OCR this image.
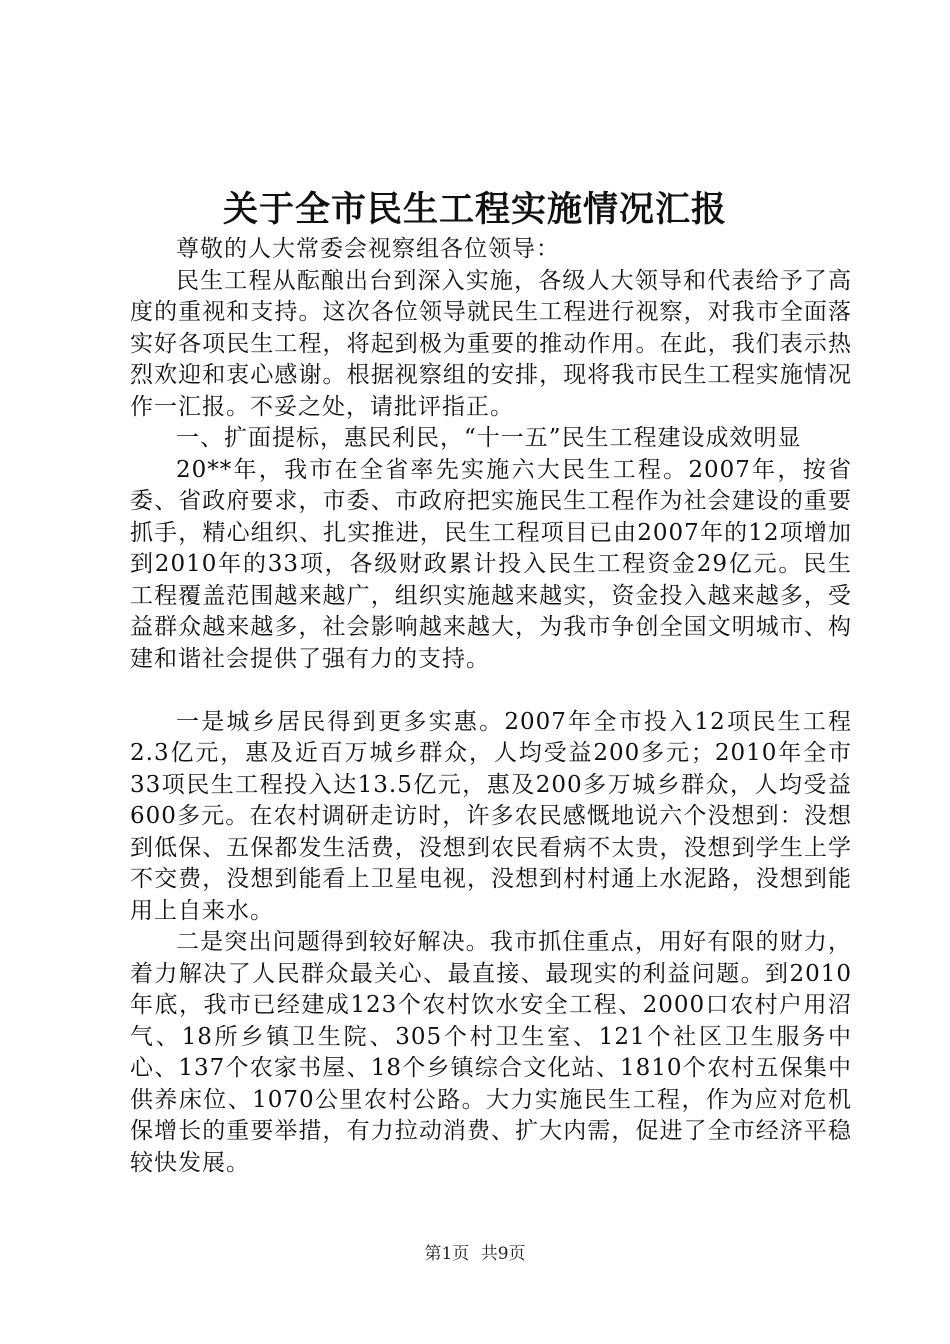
关于全市民生工程实施情况汇报

尊敬的人大常委会视察组各位领导：

民生工程从酝酿出台到深入实施，各级人大领导和代表给予了高度的重视和支持。这次各位领导就民生工程进行视察，对我市全面落实好各项民生工程，将起到极为重要的推动作用。在此，我们表示热烈欢迎和衷心感谢。根据视察组的安排，现将我市民生工程实施情况作一汇报。不妥之处，请批评指正。

一、扩面提标，惠民利民，“十一五”民生工程建设成效明显

20**年，我市在全省率先实施六大民生工程。2007年，按省委、省政府要求，市委、市政府把实施民生工程作为社会建设的重要抓手，精心组织、扎实推进，民生工程项目已由2007年的12项增加到2010年的33项，各级财政累计投入民生工程资金29亿元。民生工程覆盖范围越来越广，组织实施越来越实，资金投入越来越多，受益群众越来越多，社会影响越来越大，为我市争创全国文明城市、构建和谐社会提供了强有力的支持。

一是城乡居民得到更多实惠。2007年全市投入12项民生工程2.3亿元，惠及近百万城乡群众，人均受益200多元；2010年全市33项民生工程投入达13.5亿元，惠及200多万城乡群众，人均受益600多元。在农村调研走访时，许多农民感慨地说六个没想到：没想到低保、五保都发生活费，没想到农民看病不太贵，没想到学生上学不交费，没想到能看上卫星电视，没想到村村通上水泥路，没想到能用上自来水。

二是突出问题得到较好解决。我市抓住重点，用好有限的财力，着力解决了人民群众最关心、最直接、最现实的利益问题。到2010年底，我市已经建成123个农村饮水安全工程、2000口农村户用沼气、18所乡镇卫生院、305个村卫生室、121个社区卫生服务中心、137个农家书屋、18个乡镇综合文化站、1810个农村五保集中供养床位、1070公里农村公路。大力实施民生工程，作为应对危机保增长的重要举措，有力拉动消费、扩大内需，促进了全市经济平稳较快发展。

第1页 共9页
